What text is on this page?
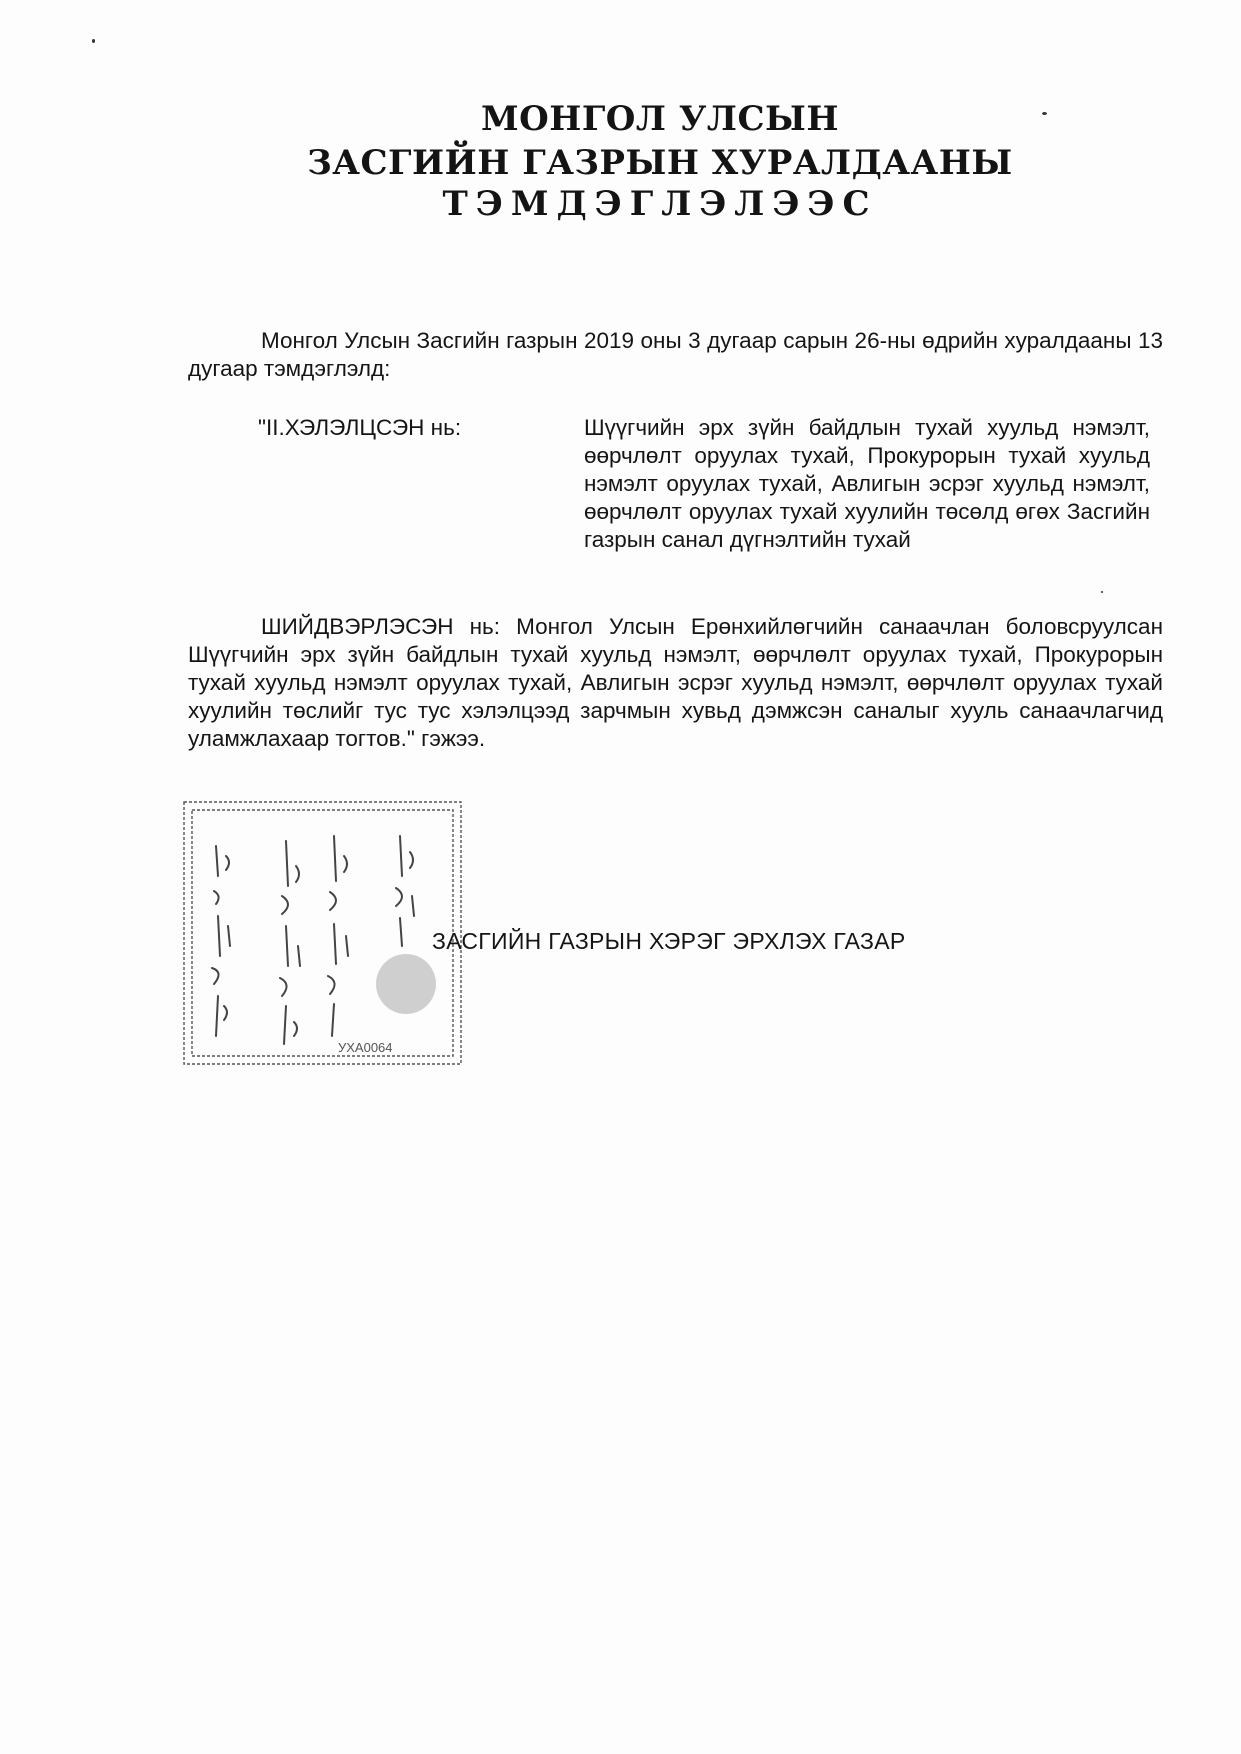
МОНГОЛ УЛСЫН
ЗАСГИЙН ГАЗРЫН ХУРАЛДААНЫ
ТЭМДЭГЛЭЛЭЭС
Монгол Улсын Засгийн газрын 2019 оны 3 дугаар сарын 26-ны өдрийн хуралдааны 13 дугаар тэмдэглэлд:
"II.ХЭЛЭЛЦСЭН нь:	Шүүгчийн эрх зүйн байдлын тухай хуульд нэмэлт, өөрчлөлт оруулах тухай, Прокурорын тухай хуульд нэмэлт оруулах тухай, Авлигын эсрэг хуульд нэмэлт, өөрчлөлт оруулах тухай хуулийн төсөлд өгөх Засгийн газрын санал дүгнэлтийн тухай
ШИЙДВЭРЛЭСЭН нь: Монгол Улсын Ерөнхийлөгчийн санаачлан боловсруулсан Шүүгчийн эрх зүйн байдлын тухай хуульд нэмэлт, өөрчлөлт оруулах тухай, Прокурорын тухай хуульд нэмэлт оруулах тухай, Авлигын эсрэг хуульд нэмэлт, өөрчлөлт оруулах тухай хуулийн төслийг тус тус хэлэлцээд зарчмын хувьд дэмжсэн саналыг хууль санаачлагчид уламжлахаар тогтов." гэжээ.
УХА0064
ЗАСГИЙН ГАЗРЫН ХЭРЭГ ЭРХЛЭХ ГАЗАР
